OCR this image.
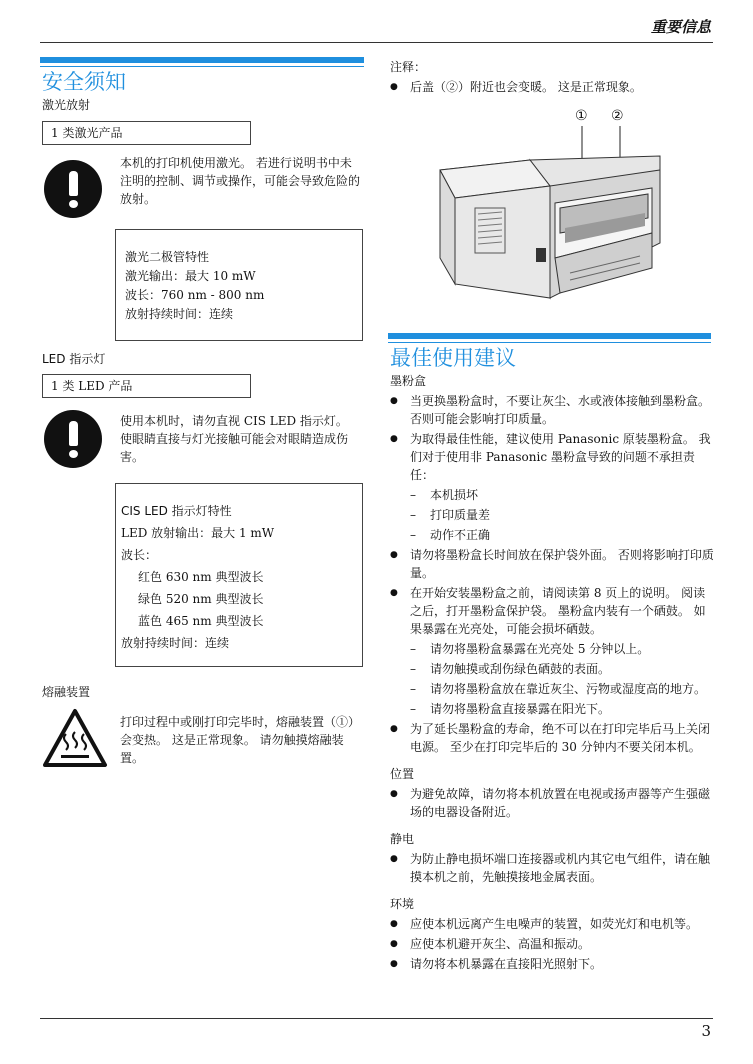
重要信息
安全须知
激光放射
1 类激光产品
本机的打印机使用激光。 若进行说明书中未注明的控制、调节或操作，可能会导致危险的放射。
激光二极管特性
激光输出：最大 10 mW
波长：760 nm - 800 nm
放射持续时间：连续
LED 指示灯
1 类 LED 产品
使用本机时，请勿直视 CIS LED 指示灯。 使眼睛直接与灯光接触可能会对眼睛造成伤害。
CIS LED 指示灯特性
LED 放射输出：最大 1 mW
波长：
红色 630 nm 典型波长
绿色 520 nm 典型波长
蓝色 465 nm 典型波长
放射持续时间：连续
熔融装置
打印过程中或刚打印完毕时，熔融装置（①）会变热。 这是正常现象。 请勿触摸熔融装置。
注释：
● 后盖（②）附近也会变暖。 这是正常现象。
① ②
最佳使用建议
墨粉盒
● 当更换墨粉盒时，不要让灰尘、水或液体接触到墨粉盒。 否则可能会影响打印质量。
● 为取得最佳性能，建议使用 Panasonic 原装墨粉盒。 我们对于使用非 Panasonic 墨粉盒导致的问题不承担责任：
– 本机损坏
– 打印质量差
– 动作不正确
● 请勿将墨粉盒长时间放在保护袋外面。 否则将影响打印质量。
● 在开始安装墨粉盒之前，请阅读第 8 页上的说明。 阅读之后，打开墨粉盒保护袋。 墨粉盒内装有一个硒鼓。 如果暴露在光亮处，可能会损坏硒鼓。
– 请勿将墨粉盒暴露在光亮处 5 分钟以上。
– 请勿触摸或刮伤绿色硒鼓的表面。
– 请勿将墨粉盒放在靠近灰尘、污物或湿度高的地方。
– 请勿将墨粉盒直接暴露在阳光下。
● 为了延长墨粉盒的寿命，绝不可以在打印完毕后马上关闭电源。 至少在打印完毕后的 30 分钟内不要关闭本机。
位置
● 为避免故障，请勿将本机放置在电视或扬声器等产生强磁场的电器设备附近。
静电
● 为防止静电损坏端口连接器或机内其它电气组件，请在触摸本机之前，先触摸接地金属表面。
环境
● 应使本机远离产生电噪声的装置，如荧光灯和电机等。
● 应使本机避开灰尘、高温和振动。
● 请勿将本机暴露在直接阳光照射下。
3
